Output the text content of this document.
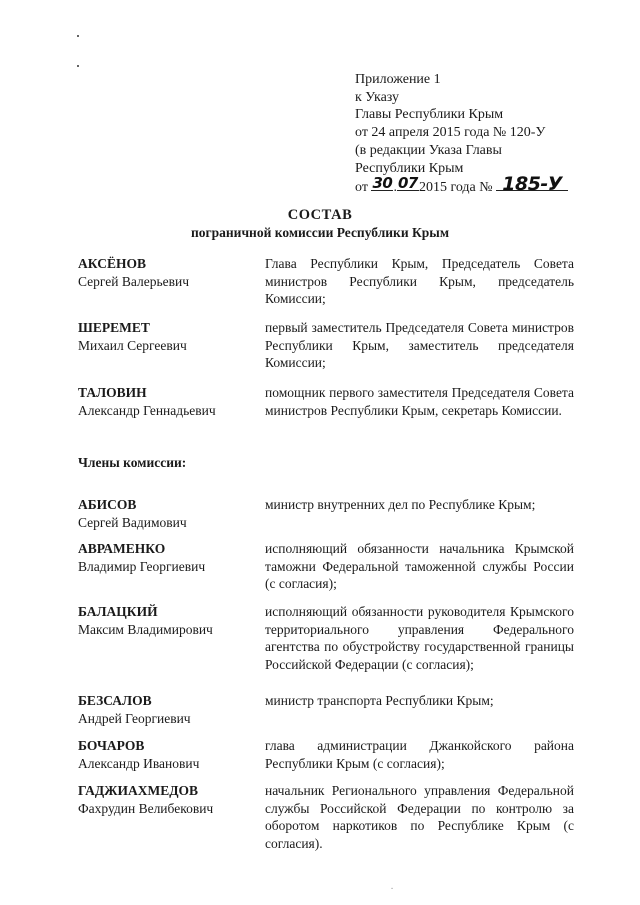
Приложение 1
к Указу
Главы Республики Крым
от 24 апреля 2015 года № 120-У
(в редакции Указа Главы
Республики Крым
от 30 . 07 2015 года № 185-У
СОСТАВ
пограничной комиссии Республики Крым
АКСЁНОВ
Сергей Валерьевич
Глава Республики Крым, Председатель Совета министров Республики Крым, председатель Комиссии;
ШЕРЕМЕТ
Михаил Сергеевич
первый заместитель Председателя Совета министров Республики Крым, заместитель председателя Комиссии;
ТАЛОВИН
Александр Геннадьевич
помощник первого заместителя Председателя Совета министров Республики Крым, секретарь Комиссии.
Члены комиссии:
АБИСОВ
Сергей Вадимович
министр внутренних дел по Республике Крым;
АВРАМЕНКО
Владимир Георгиевич
исполняющий обязанности начальника Крымской таможни Федеральной таможенной службы России (с согласия);
БАЛАЦКИЙ
Максим Владимирович
исполняющий обязанности руководителя Крымского территориального управления Федерального агентства по обустройству государственной границы Российской Федерации (с согласия);
БЕЗСАЛОВ
Андрей Георгиевич
министр транспорта Республики Крым;
БОЧАРОВ
Александр Иванович
глава администрации Джанкойского района Республики Крым (с согласия);
ГАДЖИАХМЕДОВ
Фахрудин Велибекович
начальник Регионального управления Федеральной службы Российской Федерации по контролю за оборотом наркотиков по Республике Крым (с согласия).
·
